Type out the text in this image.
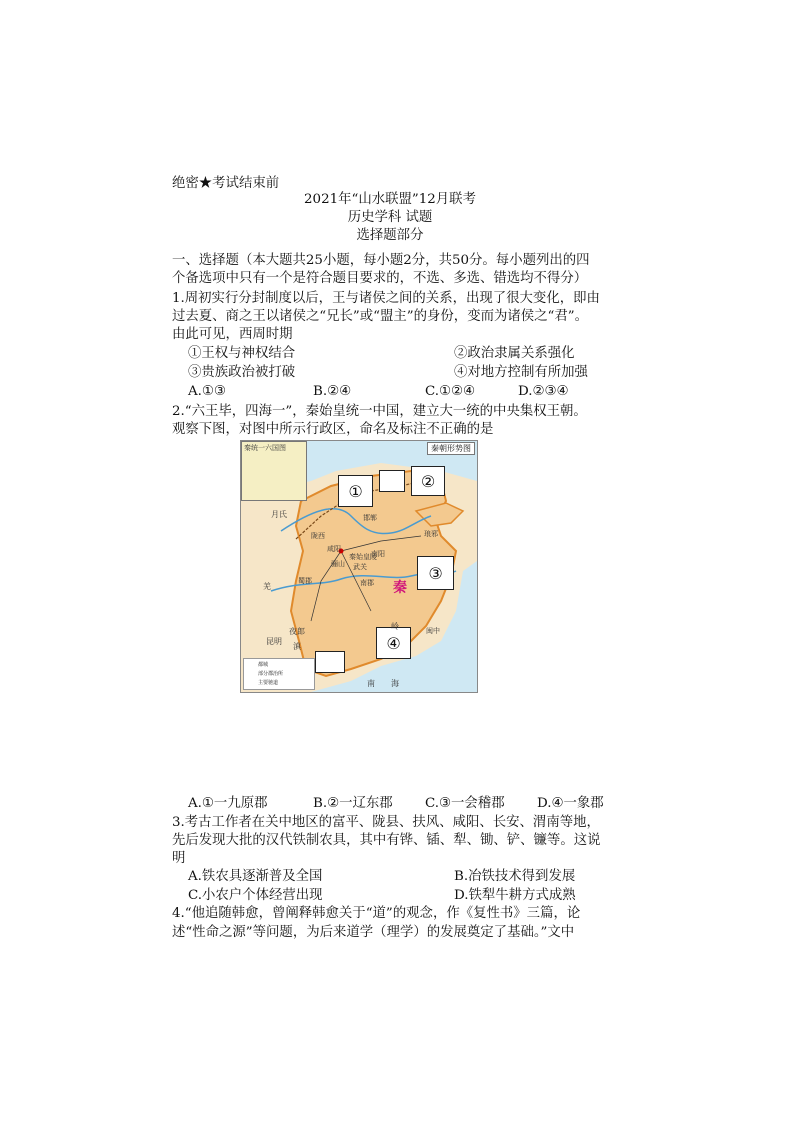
绝密★考试结束前
2021年“山水联盟”12月联考
历史学科 试题
选择题部分
一、选择题（本大题共25小题，每小题2分，共50分。每小题列出的四
个备选项中只有一个是符合题目要求的，不选、多选、错选均不得分）
1.周初实行分封制度以后，王与诸侯之间的关系，出现了很大变化，即由
过去夏、商之王以诸侯之“兄长”或“盟主”的身份，变而为诸侯之“君”。
由此可见，西周时期
①王权与神权结合	②政治隶属关系强化
③贵族政治被打破	④对地方控制有所加强
A.①③	B.②④	C.①②④	D.②③④
2.“六王毕，四海一”，秦始皇统一中国，建立大一统的中央集权王朝。
观察下图，对图中所示行政区，命名及标注不正确的是
秦统一六国图	秦朝形势图
①
②
③
④
秦
邯郸
琅邪
陇西
咸阳
骊山
秦始皇陵
南阳
武关
蜀郡	南郡
闽中
月氏
羌
夜郎
滇
昆明
岭
南 海
都城
部分郡治所
主要驰道
A.①一九原郡	B.②一辽东郡 C.③一会稽郡 D.④一象郡
3.考古工作者在关中地区的富平、陇县、扶风、咸阳、长安、渭南等地，
先后发现大批的汉代铁制农具，其中有铧、锸、犁、锄、铲、镰等。这说
明
A.铁农具逐渐普及全国	B.冶铁技术得到发展
C.小农户个体经营出现	D.铁犁牛耕方式成熟
4.“他追随韩愈，曾阐释韩愈关于“道”的观念，作《复性书》三篇，论
述“性命之源”等问题，为后来道学（理学）的发展奠定了基础。”文中
